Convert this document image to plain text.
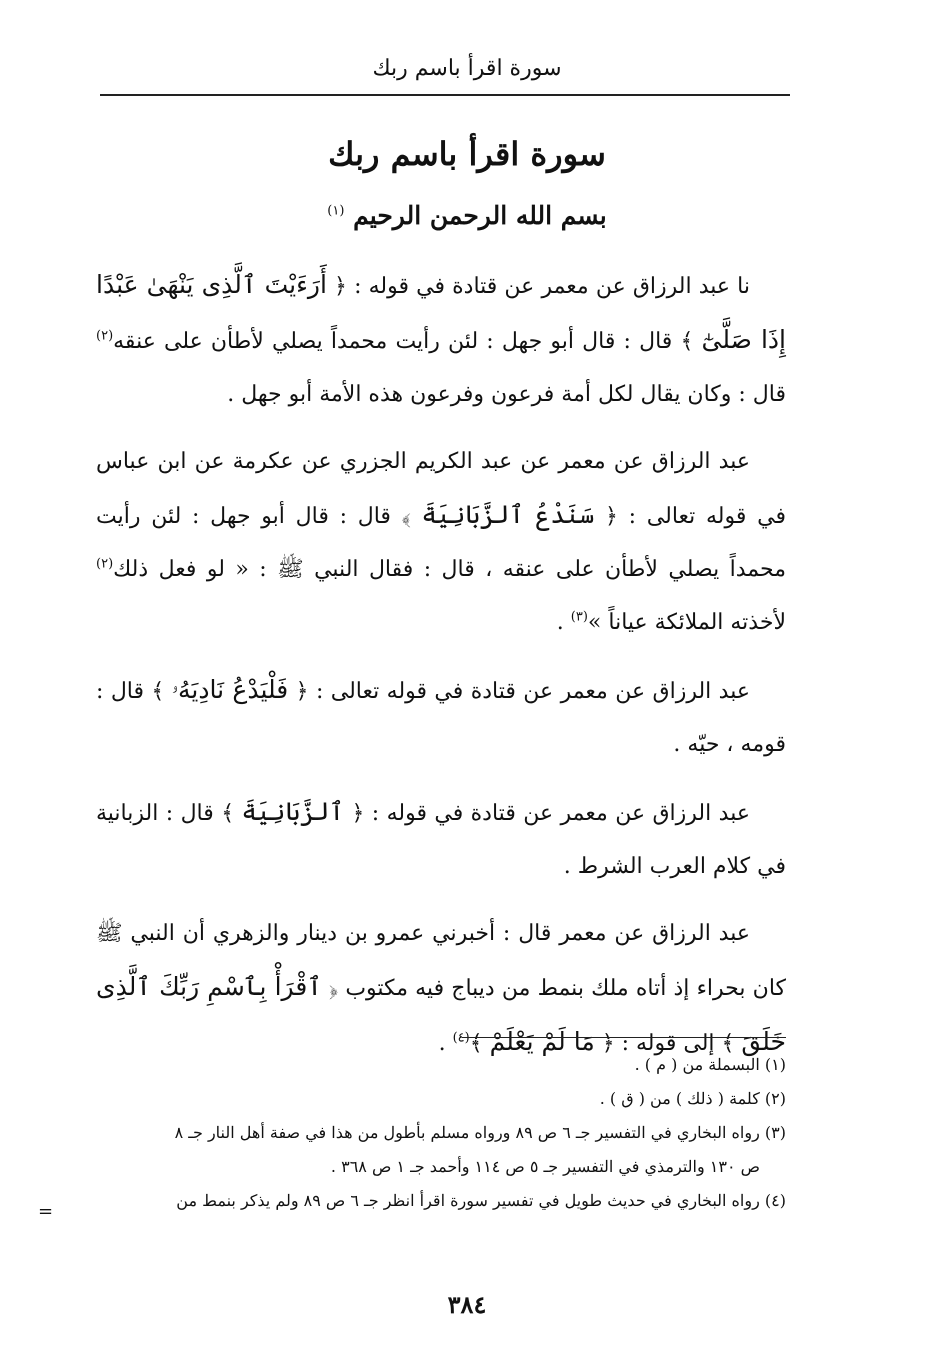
سورة اقرأ باسم ربك
سورة اقرأ باسم ربك
بسم الله الرحمن الرحيم $^{(١)}$

نا عبد الرزاق عن معمر عن قتادة في قوله : ﴿ أَرَءَيْتَ ٱلَّذِى يَنْهَىٰ عَبْدًا إِذَا صَلَّىٰٓ ﴾ قال : قال أبو جهل : لئن رأيت محمداً يصلي لأطأن على عنقه$^{(٢)}$ قال : وكان يقال لكل أمة فرعون وفرعون هذه الأمة أبو جهل .

عبد الرزاق عن معمر عن عبد الكريم الجزري عن عكرمة عن ابن عباس في قوله تعالى : ﴿ سَنَدْعُ ٱلزَّبَانِيَةَ ﴾ قال : قال أبو جهل : لئن رأيت محمداً يصلي لأطأن على عنقه ، قال : فقال النبي ﷺ : « لو فعل ذلك$^{(٢)}$ لأخذته الملائكة عياناً »$^{(٣)}$ .

عبد الرزاق عن معمر عن قتادة في قوله تعالى : ﴿ فَلْيَدْعُ نَادِيَهُۥ ﴾ قال : قومه ، حيّه .

عبد الرزاق عن معمر عن قتادة في قوله : ﴿ ٱلزَّبَانِيَةَ ﴾ قال : الزبانية في كلام العرب الشرط .

عبد الرزاق عن معمر قال : أخبرني عمرو بن دينار والزهري أن النبي ﷺ كان بحراء إذ أتاه ملك بنمط من ديباج فيه مكتوب ﴿ ٱقْرَأْ بِٱسْمِ رَبِّكَ ٱلَّذِى خَلَقَ ﴾ إلى قوله : ﴿ مَا لَمْ يَعْلَمْ ﴾$^{(٤)}$ .

(١) البسملة من ( م ) .

(٢) كلمة ( ذلك ) من ( ق ) .

(٣) رواه البخاري في التفسير جـ ٦ ص ٨٩ ورواه مسلم بأطول من هذا في صفة أهل النار جـ ٨

ص ١٣٠ والترمذي في التفسير جـ ٥ ص ١١٤ وأحمد جـ ١ ص ٣٦٨ .

(٤) رواه البخاري في حديث طويل في تفسير سورة اقرأ انظر جـ ٦ ص ٨٩ ولم يذكر بنمط من

=
٣٨٤
